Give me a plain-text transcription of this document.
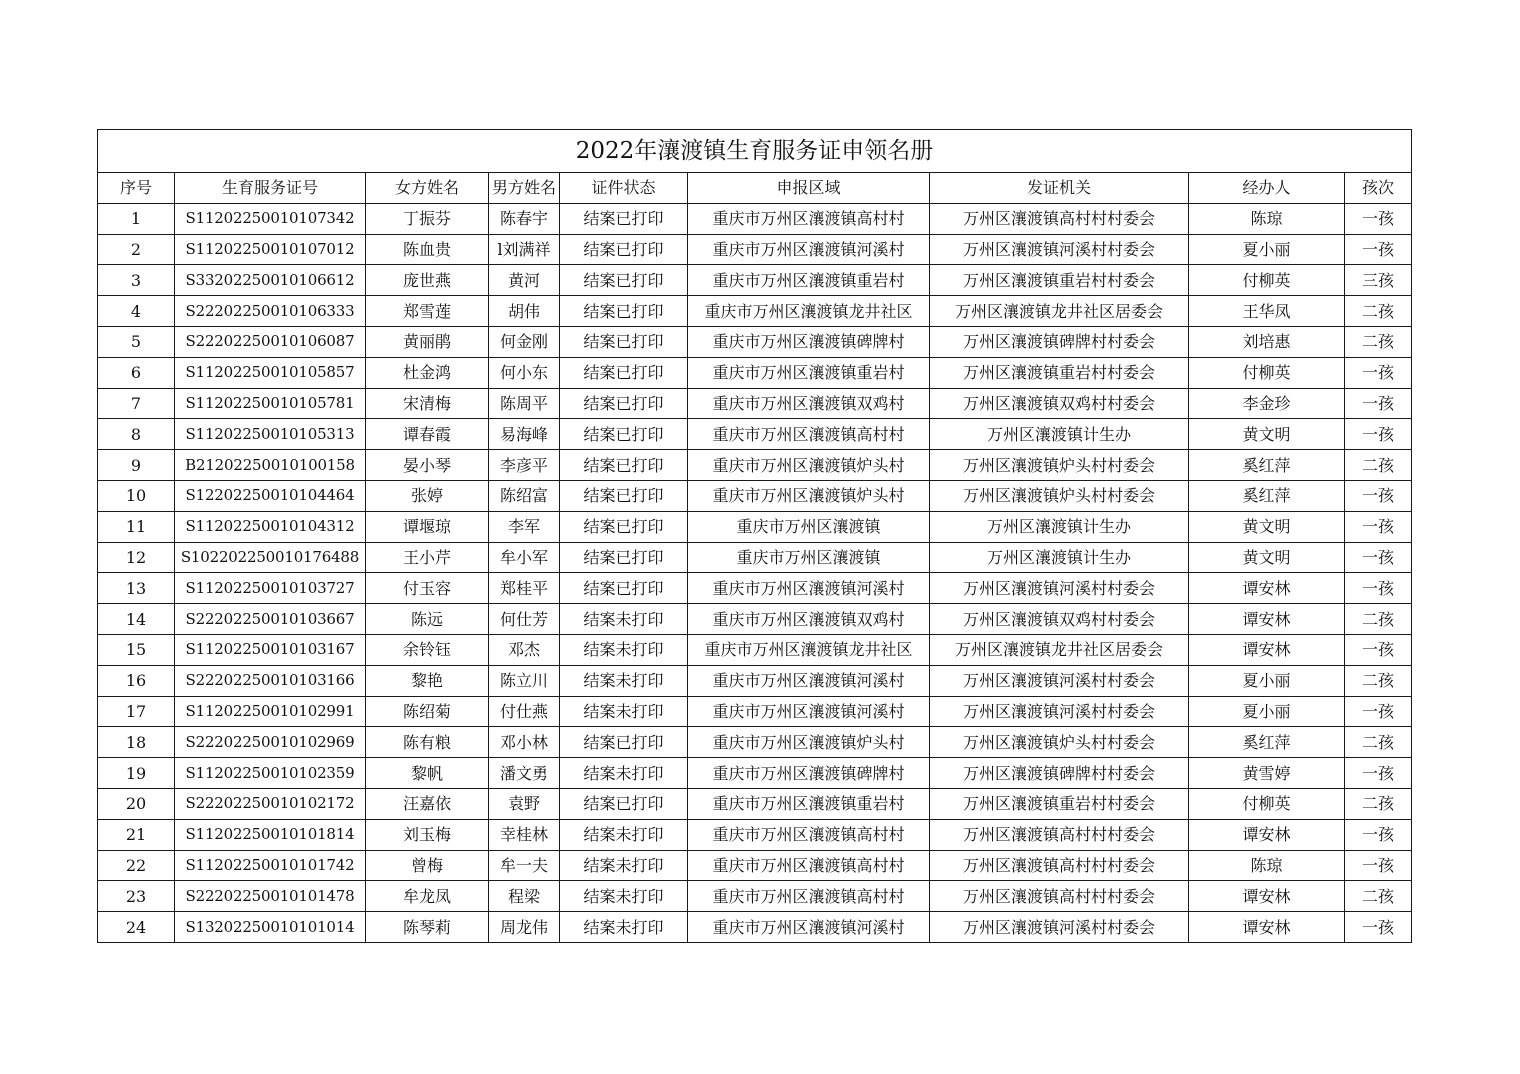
2022年瀼渡镇生育服务证申领名册								
序号	生育服务证号	女方姓名	男方姓名	证件状态	申报区域	发证机关	经办人	孩次
1	S11202250010107342	丁振芬	陈春宇	结案已打印	重庆市万州区瀼渡镇高村村	万州区瀼渡镇高村村村委会	陈琼	一孩
2	S11202250010107012	陈血贵	l刘满祥	结案已打印	重庆市万州区瀼渡镇河溪村	万州区瀼渡镇河溪村村委会	夏小丽	一孩
3	S33202250010106612	庞世燕	黄河	结案已打印	重庆市万州区瀼渡镇重岩村	万州区瀼渡镇重岩村村委会	付柳英	三孩
4	S22202250010106333	郑雪莲	胡伟	结案已打印	重庆市万州区瀼渡镇龙井社区	万州区瀼渡镇龙井社区居委会	王华凤	二孩
5	S22202250010106087	黄丽鹃	何金刚	结案已打印	重庆市万州区瀼渡镇碑牌村	万州区瀼渡镇碑牌村村委会	刘培惠	二孩
6	S11202250010105857	杜金鸿	何小东	结案已打印	重庆市万州区瀼渡镇重岩村	万州区瀼渡镇重岩村村委会	付柳英	一孩
7	S11202250010105781	宋清梅	陈周平	结案已打印	重庆市万州区瀼渡镇双鸡村	万州区瀼渡镇双鸡村村委会	李金珍	一孩
8	S11202250010105313	谭春霞	易海峰	结案已打印	重庆市万州区瀼渡镇高村村	万州区瀼渡镇计生办	黄文明	一孩
9	B21202250010100158	晏小琴	李彦平	结案已打印	重庆市万州区瀼渡镇炉头村	万州区瀼渡镇炉头村村委会	奚红萍	二孩
10	S12202250010104464	张婷	陈绍富	结案已打印	重庆市万州区瀼渡镇炉头村	万州区瀼渡镇炉头村村委会	奚红萍	一孩
11	S11202250010104312	谭堰琼	李军	结案已打印	重庆市万州区瀼渡镇	万州区瀼渡镇计生办	黄文明	一孩
12	S102202250010176488	王小芹	牟小军	结案已打印	重庆市万州区瀼渡镇	万州区瀼渡镇计生办	黄文明	一孩
13	S11202250010103727	付玉容	郑桂平	结案已打印	重庆市万州区瀼渡镇河溪村	万州区瀼渡镇河溪村村委会	谭安林	一孩
14	S22202250010103667	陈远	何仕芳	结案未打印	重庆市万州区瀼渡镇双鸡村	万州区瀼渡镇双鸡村村委会	谭安林	二孩
15	S11202250010103167	余铃钰	邓杰	结案未打印	重庆市万州区瀼渡镇龙井社区	万州区瀼渡镇龙井社区居委会	谭安林	一孩
16	S22202250010103166	黎艳	陈立川	结案未打印	重庆市万州区瀼渡镇河溪村	万州区瀼渡镇河溪村村委会	夏小丽	二孩
17	S11202250010102991	陈绍菊	付仕燕	结案未打印	重庆市万州区瀼渡镇河溪村	万州区瀼渡镇河溪村村委会	夏小丽	一孩
18	S22202250010102969	陈有粮	邓小林	结案已打印	重庆市万州区瀼渡镇炉头村	万州区瀼渡镇炉头村村委会	奚红萍	二孩
19	S11202250010102359	黎帆	潘文勇	结案未打印	重庆市万州区瀼渡镇碑牌村	万州区瀼渡镇碑牌村村委会	黄雪婷	一孩
20	S22202250010102172	汪嘉依	袁野	结案已打印	重庆市万州区瀼渡镇重岩村	万州区瀼渡镇重岩村村委会	付柳英	二孩
21	S11202250010101814	刘玉梅	幸桂林	结案未打印	重庆市万州区瀼渡镇高村村	万州区瀼渡镇高村村村委会	谭安林	一孩
22	S11202250010101742	曾梅	牟一夫	结案未打印	重庆市万州区瀼渡镇高村村	万州区瀼渡镇高村村村委会	陈琼	一孩
23	S22202250010101478	牟龙凤	程梁	结案未打印	重庆市万州区瀼渡镇高村村	万州区瀼渡镇高村村村委会	谭安林	二孩
24	S13202250010101014	陈琴莉	周龙伟	结案未打印	重庆市万州区瀼渡镇河溪村	万州区瀼渡镇河溪村村委会	谭安林	一孩
